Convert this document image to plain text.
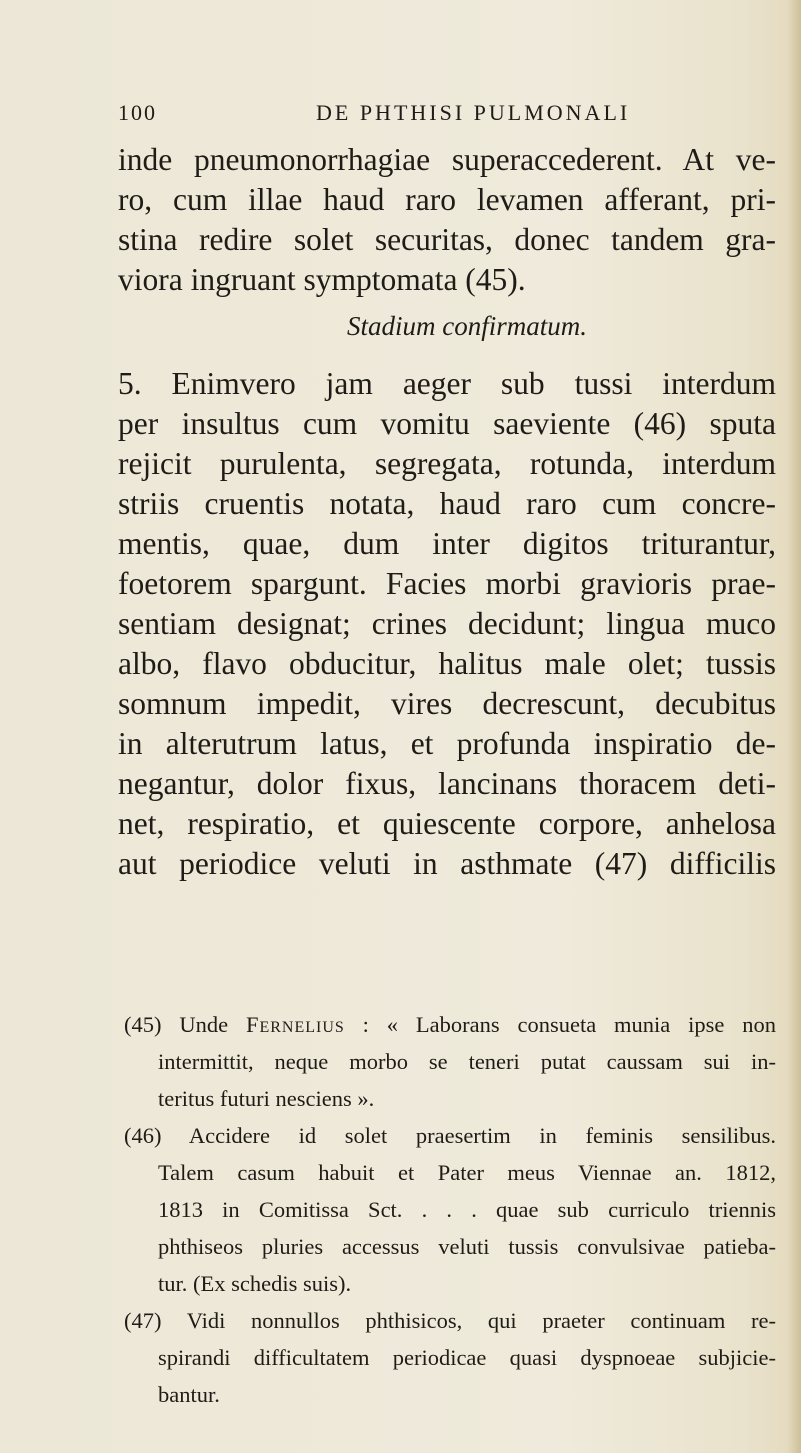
100	DE PHTHISI PULMONALI
inde pneumonorrhagiae superaccederent. At ve-
ro, cum illae haud raro levamen afferant, pri-
stina redire solet securitas, donec tandem gra-
viora ingruant symptomata (45).
Stadium confirmatum.
5. Enimvero jam aeger sub tussi interdum
per insultus cum vomitu saeviente (46) sputa
rejicit purulenta, segregata, rotunda, interdum
striis cruentis notata, haud raro cum concre-
mentis, quae, dum inter digitos triturantur,
foetorem spargunt. Facies morbi gravioris prae-
sentiam designat; crines decidunt; lingua muco
albo, flavo obducitur, halitus male olet; tussis
somnum impedit, vires decrescunt, decubitus
in alterutrum latus, et profunda inspiratio de-
negantur, dolor fixus, lancinans thoracem deti-
net, respiratio, et quiescente corpore, anhelosa
aut periodice veluti in asthmate (47) difficilis
(45) Unde Fernelius : « Laborans consueta munia ipse non
intermittit, neque morbo se teneri putat caussam sui in-
teritus futuri nesciens ».
(46) Accidere id solet praesertim in feminis sensilibus.
Talem casum habuit et Pater meus Viennae an. 1812,
1813 in Comitissa Sct. . . . quae sub curriculo triennis
phthiseos pluries accessus veluti tussis convulsivae patieba-
tur. (Ex schedis suis).
(47) Vidi nonnullos phthisicos, qui praeter continuam re-
spirandi difficultatem periodicae quasi dyspnoeae subjicie-
bantur.
